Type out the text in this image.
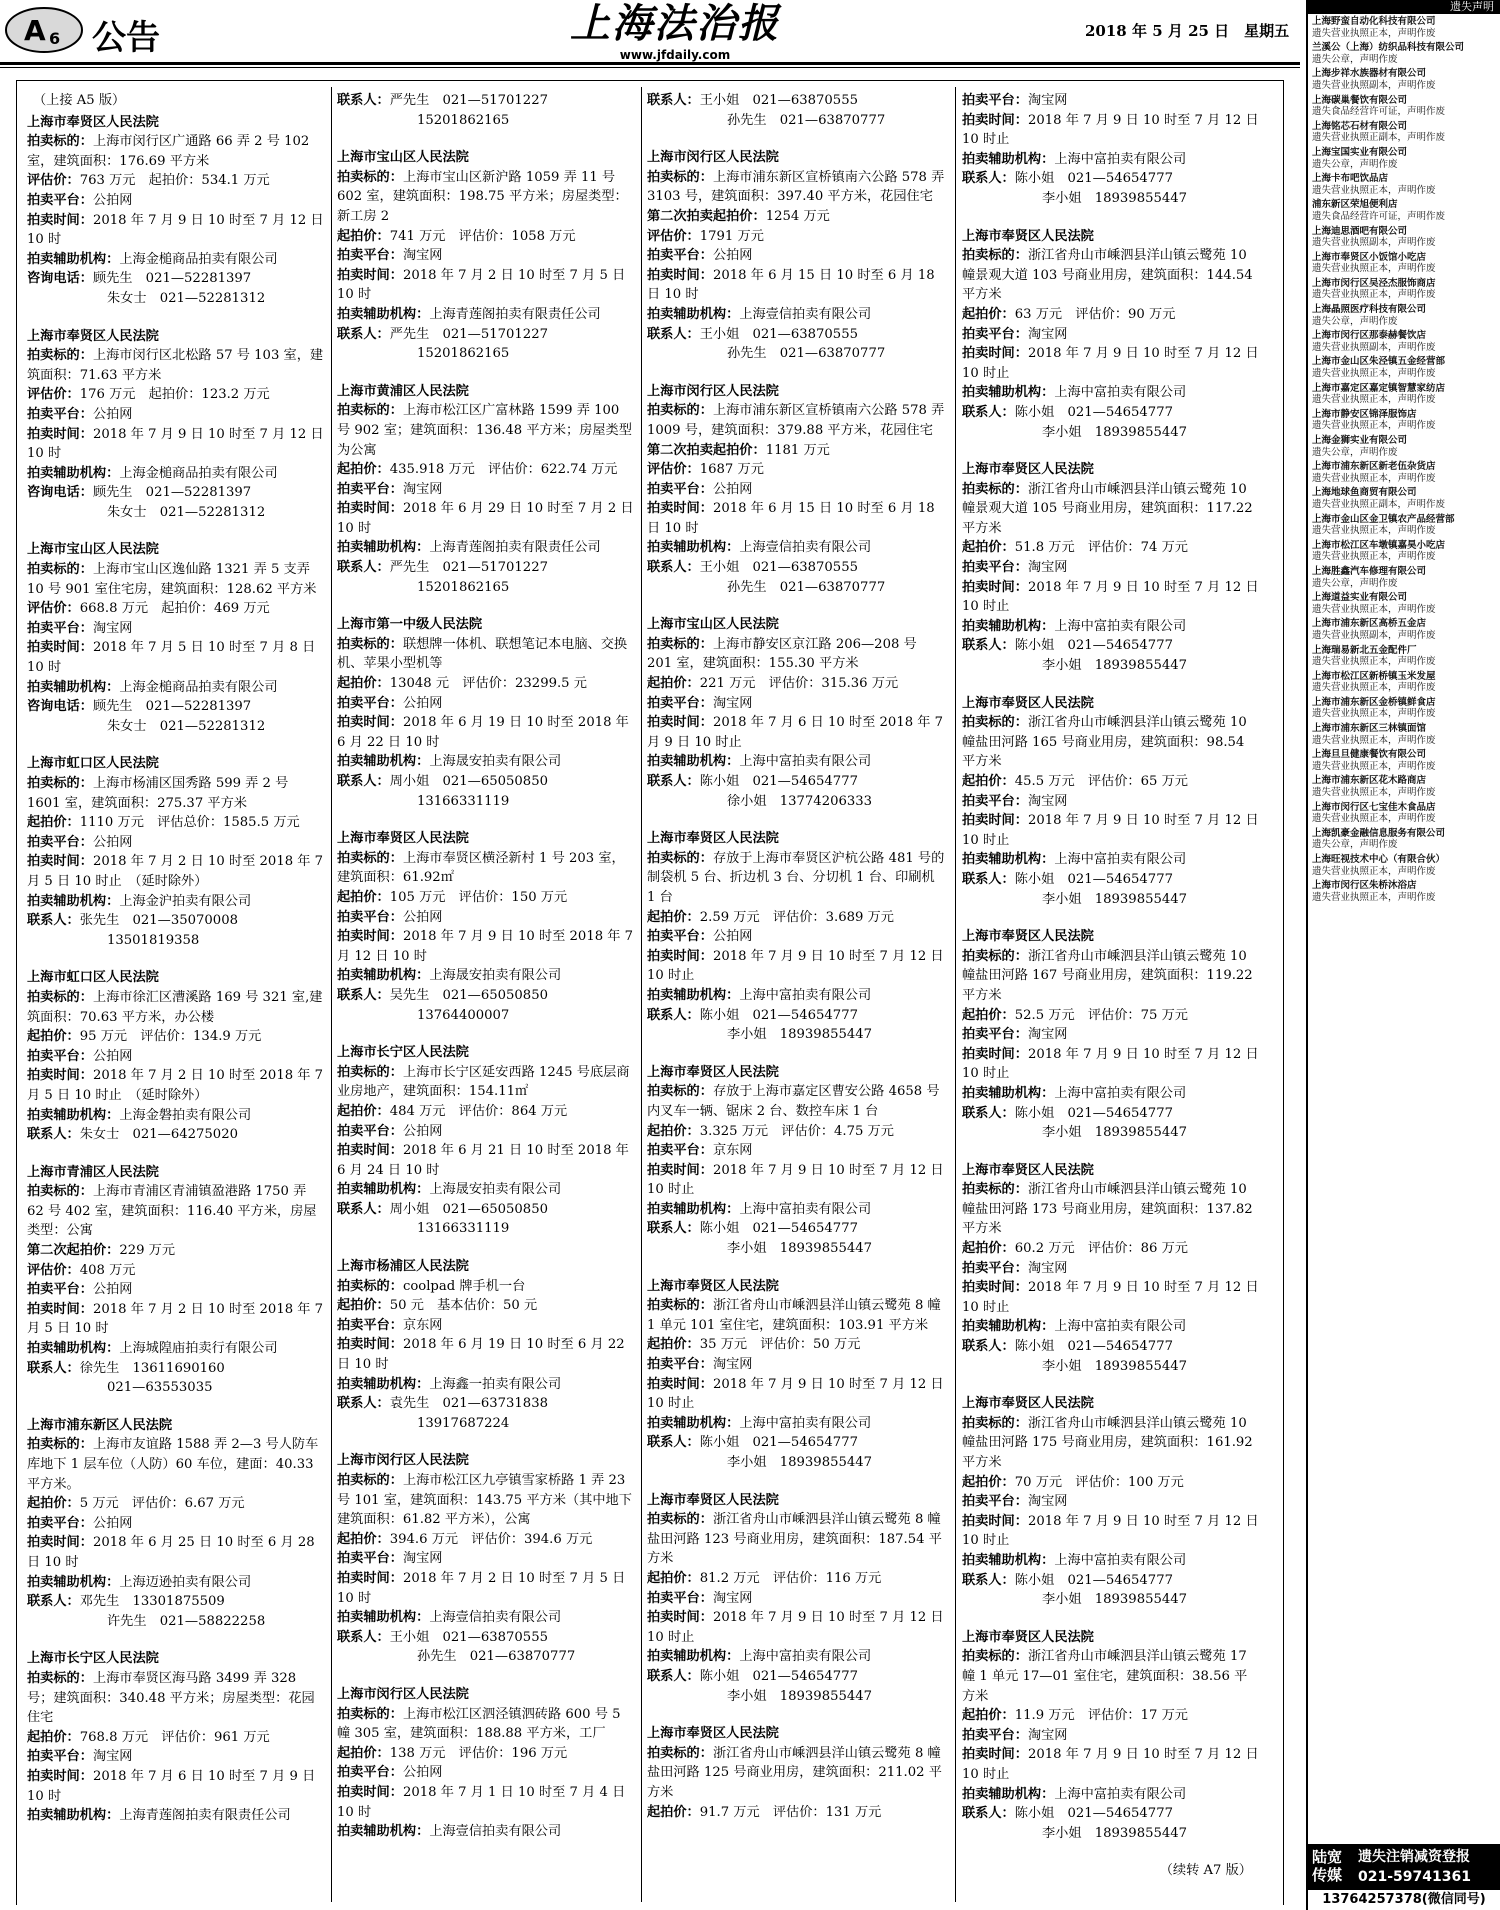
A 6 公告	上海法治报
www.jfdaily.com
2018 年 5 月 25 日　星期五
（上接 A5 版）
上海市奉贤区人民法院
拍卖标的：上海市闵行区广通路 66 弄 2 号 102 室，建筑面积：176.69 平方米
评估价：763 万元　起拍价：534.1 万元
拍卖平台：公拍网
拍卖时间：2018 年 7 月 9 日 10 时至 7 月 12 日 10 时
拍卖辅助机构：上海金槌商品拍卖有限公司
咨询电话：顾先生　021—52281397
朱女士　021—52281312
上海市奉贤区人民法院
拍卖标的：上海市闵行区北松路 57 号 103 室，建筑面积：71.63 平方米
评估价：176 万元　起拍价：123.2 万元
拍卖平台：公拍网
拍卖时间：2018 年 7 月 9 日 10 时至 7 月 12 日 10 时
拍卖辅助机构：上海金槌商品拍卖有限公司
咨询电话：顾先生　021—52281397
朱女士　021—52281312
上海市宝山区人民法院
拍卖标的：上海市宝山区逸仙路 1321 弄 5 支弄 10 号 901 室住宅房，建筑面积：128.62 平方米
评估价：668.8 万元　起拍价：469 万元
拍卖平台：淘宝网
拍卖时间：2018 年 7 月 5 日 10 时至 7 月 8 日 10 时
拍卖辅助机构：上海金槌商品拍卖有限公司
咨询电话：顾先生　021—52281397
朱女士　021—52281312
上海市虹口区人民法院
拍卖标的：上海市杨浦区国秀路 599 弄 2 号 1601 室，建筑面积：275.37 平方米
起拍价：1110 万元　评估总价：1585.5 万元
拍卖平台：公拍网
拍卖时间：2018 年 7 月 2 日 10 时至 2018 年 7 月 5 日 10 时止　（延时除外）
拍卖辅助机构：上海金沪拍卖有限公司
联系人：张先生　021—35070008
13501819358
上海市虹口区人民法院
拍卖标的：上海市徐汇区漕溪路 169 号 321 室,建筑面积：70.63 平方米，办公楼
起拍价：95 万元　评估价：134.9 万元
拍卖平台：公拍网
拍卖时间：2018 年 7 月 2 日 10 时至 2018 年 7 月 5 日 10 时止　（延时除外）
拍卖辅助机构：上海金磐拍卖有限公司
联系人：朱女士　021—64275020
上海市青浦区人民法院
拍卖标的：上海市青浦区青浦镇盈港路 1750 弄 62 号 402 室，建筑面积：116.40 平方米，房屋类型：公寓
第二次起拍价：229 万元
评估价：408 万元
拍卖平台：公拍网
拍卖时间：2018 年 7 月 2 日 10 时至 2018 年 7 月 5 日 10 时
拍卖辅助机构：上海城隍庙拍卖行有限公司
联系人：徐先生　13611690160
021—63553035
上海市浦东新区人民法院
拍卖标的：上海市友谊路 1588 弄 2—3 号人防车库地下 1 层车位（人防）60 车位，建面：40.33 平方米。
起拍价：5 万元　评估价：6.67 万元
拍卖平台：公拍网
拍卖时间：2018 年 6 月 25 日 10 时至 6 月 28 日 10 时
拍卖辅助机构：上海迈逊拍卖有限公司
联系人：邓先生　13301875509
许先生　021—58822258
上海市长宁区人民法院
拍卖标的：上海市奉贤区海马路 3499 弄 328 号；建筑面积：340.48 平方米；房屋类型：花园住宅
起拍价：768.8 万元　评估价：961 万元
拍卖平台：淘宝网
拍卖时间：2018 年 7 月 6 日 10 时至 7 月 9 日 10 时
拍卖辅助机构：上海青莲阁拍卖有限责任公司
联系人：严先生　021—51701227
15201862165
上海市宝山区人民法院
拍卖标的：上海市宝山区新沪路 1059 弄 11 号 602 室，建筑面积：198.75 平方米；房屋类型：新工房 2
起拍价：741 万元　评估价：1058 万元
拍卖平台：淘宝网
拍卖时间：2018 年 7 月 2 日 10 时至 7 月 5 日 10 时
拍卖辅助机构：上海青莲阁拍卖有限责任公司
联系人：严先生　021—51701227
15201862165
上海市黄浦区人民法院
拍卖标的：上海市松江区广富林路 1599 弄 100 号 902 室；建筑面积：136.48 平方米；房屋类型为公寓
起拍价：435.918 万元　评估价：622.74 万元
拍卖平台：淘宝网
拍卖时间：2018 年 6 月 29 日 10 时至 7 月 2 日 10 时
拍卖辅助机构：上海青莲阁拍卖有限责任公司
联系人：严先生　021—51701227
15201862165
上海市第一中级人民法院
拍卖标的：联想牌一体机、联想笔记本电脑、交换机、苹果小型机等
起拍价：13048 元　评估价：23299.5 元
拍卖平台：公拍网
拍卖时间：2018 年 6 月 19 日 10 时至 2018 年 6 月 22 日 10 时
拍卖辅助机构：上海晟安拍卖有限公司
联系人：周小姐　021—65050850
13166331119
上海市奉贤区人民法院
拍卖标的：上海市奉贤区横泾新村 1 号 203 室，建筑面积：61.92㎡
起拍价：105 万元　评估价：150 万元
拍卖平台：公拍网
拍卖时间：2018 年 7 月 9 日 10 时至 2018 年 7 月 12 日 10 时
拍卖辅助机构：上海晟安拍卖有限公司
联系人：吴先生　021—65050850
13764400007
上海市长宁区人民法院
拍卖标的：上海市长宁区延安西路 1245 号底层商业房地产，建筑面积：154.11㎡
起拍价：484 万元　评估价：864 万元
拍卖平台：公拍网
拍卖时间：2018 年 6 月 21 日 10 时至 2018 年 6 月 24 日 10 时
拍卖辅助机构：上海晟安拍卖有限公司
联系人：周小姐　021—65050850
13166331119
上海市杨浦区人民法院
拍卖标的：coolpad 牌手机一台
起拍价：50 元　基本估价：50 元
拍卖平台：京东网
拍卖时间：2018 年 6 月 19 日 10 时至 6 月 22 日 10 时
拍卖辅助机构：上海鑫一拍卖有限公司
联系人：袁先生　021—63731838
13917687224
上海市闵行区人民法院
拍卖标的：上海市松江区九亭镇雪家桥路 1 弄 23 号 101 室，建筑面积：143.75 平方米（其中地下建筑面积：61.82 平方米），公寓
起拍价：394.6 万元　评估价：394.6 万元
拍卖平台：淘宝网
拍卖时间：2018 年 7 月 2 日 10 时至 7 月 5 日 10 时
拍卖辅助机构：上海壹信拍卖有限公司
联系人：王小姐　021—63870555
孙先生　021—63870777
上海市闵行区人民法院
拍卖标的：上海市松江区泗泾镇泗砖路 600 号 5 幢 305 室，建筑面积：188.88 平方米，工厂
起拍价：138 万元　评估价：196 万元
拍卖平台：公拍网
拍卖时间：2018 年 7 月 1 日 10 时至 7 月 4 日 10 时
拍卖辅助机构：上海壹信拍卖有限公司
联系人：王小姐　021—63870555
孙先生　021—63870777
上海市闵行区人民法院
拍卖标的：上海市浦东新区宣桥镇南六公路 578 弄 3103 号，建筑面积：397.40 平方米，花园住宅
第二次拍卖起拍价：1254 万元
评估价：1791 万元
拍卖平台：公拍网
拍卖时间：2018 年 6 月 15 日 10 时至 6 月 18 日 10 时
拍卖辅助机构：上海壹信拍卖有限公司
联系人：王小姐　021—63870555
孙先生　021—63870777
上海市闵行区人民法院
拍卖标的：上海市浦东新区宣桥镇南六公路 578 弄 1009 号，建筑面积：379.88 平方米，花园住宅
第二次拍卖起拍价：1181 万元
评估价：1687 万元
拍卖平台：公拍网
拍卖时间：2018 年 6 月 15 日 10 时至 6 月 18 日 10 时
拍卖辅助机构：上海壹信拍卖有限公司
联系人：王小姐　021—63870555
孙先生　021—63870777
上海市宝山区人民法院
拍卖标的：上海市静安区京江路 206—208 号 201 室，建筑面积：155.30 平方米
起拍价：221 万元　评估价：315.36 万元
拍卖平台：淘宝网
拍卖时间：2018 年 7 月 6 日 10 时至 2018 年 7 月 9 日 10 时止
拍卖辅助机构：上海中富拍卖有限公司
联系人：陈小姐　021—54654777
徐小姐　13774206333
上海市奉贤区人民法院
拍卖标的：存放于上海市奉贤区沪杭公路 481 号的制袋机 5 台、折边机 3 台、分切机 1 台、印刷机 1 台
起拍价：2.59 万元　评估价：3.689 万元
拍卖平台：公拍网
拍卖时间：2018 年 7 月 9 日 10 时至 7 月 12 日 10 时止
拍卖辅助机构：上海中富拍卖有限公司
联系人：陈小姐　021—54654777
李小姐　18939855447
上海市奉贤区人民法院
拍卖标的：存放于上海市嘉定区曹安公路 4658 号内叉车一辆、锯床 2 台、数控车床 1 台
起拍价：3.325 万元　评估价：4.75 万元
拍卖平台：京东网
拍卖时间：2018 年 7 月 9 日 10 时至 7 月 12 日 10 时止
拍卖辅助机构：上海中富拍卖有限公司
联系人：陈小姐　021—54654777
李小姐　18939855447
上海市奉贤区人民法院
拍卖标的：浙江省舟山市嵊泗县洋山镇云鹭苑 8 幢 1 单元 101 室住宅，建筑面积：103.91 平方米
起拍价：35 万元　评估价：50 万元
拍卖平台：淘宝网
拍卖时间：2018 年 7 月 9 日 10 时至 7 月 12 日 10 时止
拍卖辅助机构：上海中富拍卖有限公司
联系人：陈小姐　021—54654777
李小姐　18939855447
上海市奉贤区人民法院
拍卖标的：浙江省舟山市嵊泗县洋山镇云鹭苑 8 幢盐田河路 123 号商业用房，建筑面积：187.54 平方米
起拍价：81.2 万元　评估价：116 万元
拍卖平台：淘宝网
拍卖时间：2018 年 7 月 9 日 10 时至 7 月 12 日 10 时止
拍卖辅助机构：上海中富拍卖有限公司
联系人：陈小姐　021—54654777
李小姐　18939855447
上海市奉贤区人民法院
拍卖标的：浙江省舟山市嵊泗县洋山镇云鹭苑 8 幢盐田河路 125 号商业用房，建筑面积：211.02 平方米
起拍价：91.7 万元　评估价：131 万元
拍卖平台：淘宝网
拍卖时间：2018 年 7 月 9 日 10 时至 7 月 12 日 10 时止
拍卖辅助机构：上海中富拍卖有限公司
联系人：陈小姐　021—54654777
李小姐　18939855447
上海市奉贤区人民法院
拍卖标的：浙江省舟山市嵊泗县洋山镇云鹭苑 10 幢景观大道 103 号商业用房，建筑面积：144.54 平方米
起拍价：63 万元　评估价：90 万元
拍卖平台：淘宝网
拍卖时间：2018 年 7 月 9 日 10 时至 7 月 12 日 10 时止
拍卖辅助机构：上海中富拍卖有限公司
联系人：陈小姐　021—54654777
李小姐　18939855447
上海市奉贤区人民法院
拍卖标的：浙江省舟山市嵊泗县洋山镇云鹭苑 10 幢景观大道 105 号商业用房，建筑面积：117.22 平方米
起拍价：51.8 万元　评估价：74 万元
拍卖平台：淘宝网
拍卖时间：2018 年 7 月 9 日 10 时至 7 月 12 日 10 时止
拍卖辅助机构：上海中富拍卖有限公司
联系人：陈小姐　021—54654777
李小姐　18939855447
上海市奉贤区人民法院
拍卖标的：浙江省舟山市嵊泗县洋山镇云鹭苑 10 幢盐田河路 165 号商业用房，建筑面积：98.54 平方米
起拍价：45.5 万元　评估价：65 万元
拍卖平台：淘宝网
拍卖时间：2018 年 7 月 9 日 10 时至 7 月 12 日 10 时止
拍卖辅助机构：上海中富拍卖有限公司
联系人：陈小姐　021—54654777
李小姐　18939855447
上海市奉贤区人民法院
拍卖标的：浙江省舟山市嵊泗县洋山镇云鹭苑 10 幢盐田河路 167 号商业用房，建筑面积：119.22 平方米
起拍价：52.5 万元　评估价：75 万元
拍卖平台：淘宝网
拍卖时间：2018 年 7 月 9 日 10 时至 7 月 12 日 10 时止
拍卖辅助机构：上海中富拍卖有限公司
联系人：陈小姐　021—54654777
李小姐　18939855447
上海市奉贤区人民法院
拍卖标的：浙江省舟山市嵊泗县洋山镇云鹭苑 10 幢盐田河路 173 号商业用房，建筑面积：137.82 平方米
起拍价：60.2 万元　评估价：86 万元
拍卖平台：淘宝网
拍卖时间：2018 年 7 月 9 日 10 时至 7 月 12 日 10 时止
拍卖辅助机构：上海中富拍卖有限公司
联系人：陈小姐　021—54654777
李小姐　18939855447
上海市奉贤区人民法院
拍卖标的：浙江省舟山市嵊泗县洋山镇云鹭苑 10 幢盐田河路 175 号商业用房，建筑面积：161.92 平方米
起拍价：70 万元　评估价：100 万元
拍卖平台：淘宝网
拍卖时间：2018 年 7 月 9 日 10 时至 7 月 12 日 10 时止
拍卖辅助机构：上海中富拍卖有限公司
联系人：陈小姐　021—54654777
李小姐　18939855447
上海市奉贤区人民法院
拍卖标的：浙江省舟山市嵊泗县洋山镇云鹭苑 17 幢 1 单元 17—01 室住宅，建筑面积：38.56 平方米
起拍价：11.9 万元　评估价：17 万元
拍卖平台：淘宝网
拍卖时间：2018 年 7 月 9 日 10 时至 7 月 12 日 10 时止
拍卖辅助机构：上海中富拍卖有限公司
联系人：陈小姐　021—54654777
李小姐　18939855447
（续转 A7 版）
遗失声明
上海野蛮自动化科技有限公司
遗失营业执照正本，声明作废
兰溪公（上海）纺织品科技有限公司
遗失公章，声明作废
上海步祥水族器材有限公司
遗失营业执照副本，声明作废
上海碳巢餐饮有限公司
遗失食品经营许可证，声明作废
上海铭芯石材有限公司
遗失营业执照正副本，声明作废
上海宝国实业有限公司
遗失公章，声明作废
上海卡布吧饮品店
遗失营业执照正本，声明作废
浦东新区荣旭便利店
遗失食品经营许可证，声明作废
上海迪思酒吧有限公司
遗失营业执照副本，声明作废
上海市奉贤区小饭馆小吃店
遗失营业执照正本，声明作废
上海市闵行区吴泾杰服饰商店
遗失营业执照正本，声明作废
上海晶照医疗科技有限公司
遗失公章，声明作废
上海市闵行区那泰赫餐饮店
遗失营业执照副本，声明作废
上海市金山区朱泾镇五金经营部
遗失营业执照正本，声明作废
上海市嘉定区嘉定镇智慧家纺店
遗失营业执照正本，声明作废
上海市静安区锦泽服饰店
遗失营业执照正本，声明作废
上海金狮实业有限公司
遗失公章，声明作废
上海市浦东新区新老伍杂货店
遗失营业执照正本，声明作废
上海地球鱼商贸有限公司
遗失营业执照正副本，声明作废
上海市金山区金卫镇农产品经营部
遗失营业执照正本，声明作废
上海市松江区车墩镇嘉昊小吃店
遗失营业执照正本，声明作废
上海胜鑫汽车修理有限公司
遗失公章，声明作废
上海道益实业有限公司
遗失营业执照正本，声明作废
上海市浦东新区高桥五金店
遗失营业执照副本，声明作废
上海瑞易新北五金配件厂
遗失营业执照正本，声明作废
上海市松江区新桥镇玉米发屋
遗失营业执照正本，声明作废
上海市浦东新区金桥镇鲜食店
遗失营业执照正本，声明作废
上海市浦东新区三林镇面馆
遗失营业执照正本，声明作废
上海旦旦健康餐饮有限公司
遗失营业执照正本，声明作废
上海市浦东新区花木路商店
遗失营业执照正本，声明作废
上海市闵行区七宝佳木食品店
遗失营业执照正本，声明作废
上海凯豪金融信息服务有限公司
遗失公章，声明作废
上海旺视技术中心（有限合伙）
遗失营业执照正本，声明作废
上海市闵行区朱桥沐浴店
遗失营业执照正本，声明作废
陆宽传媒
遗失注销减资登报
021-59741361
13764257378(微信同号)
